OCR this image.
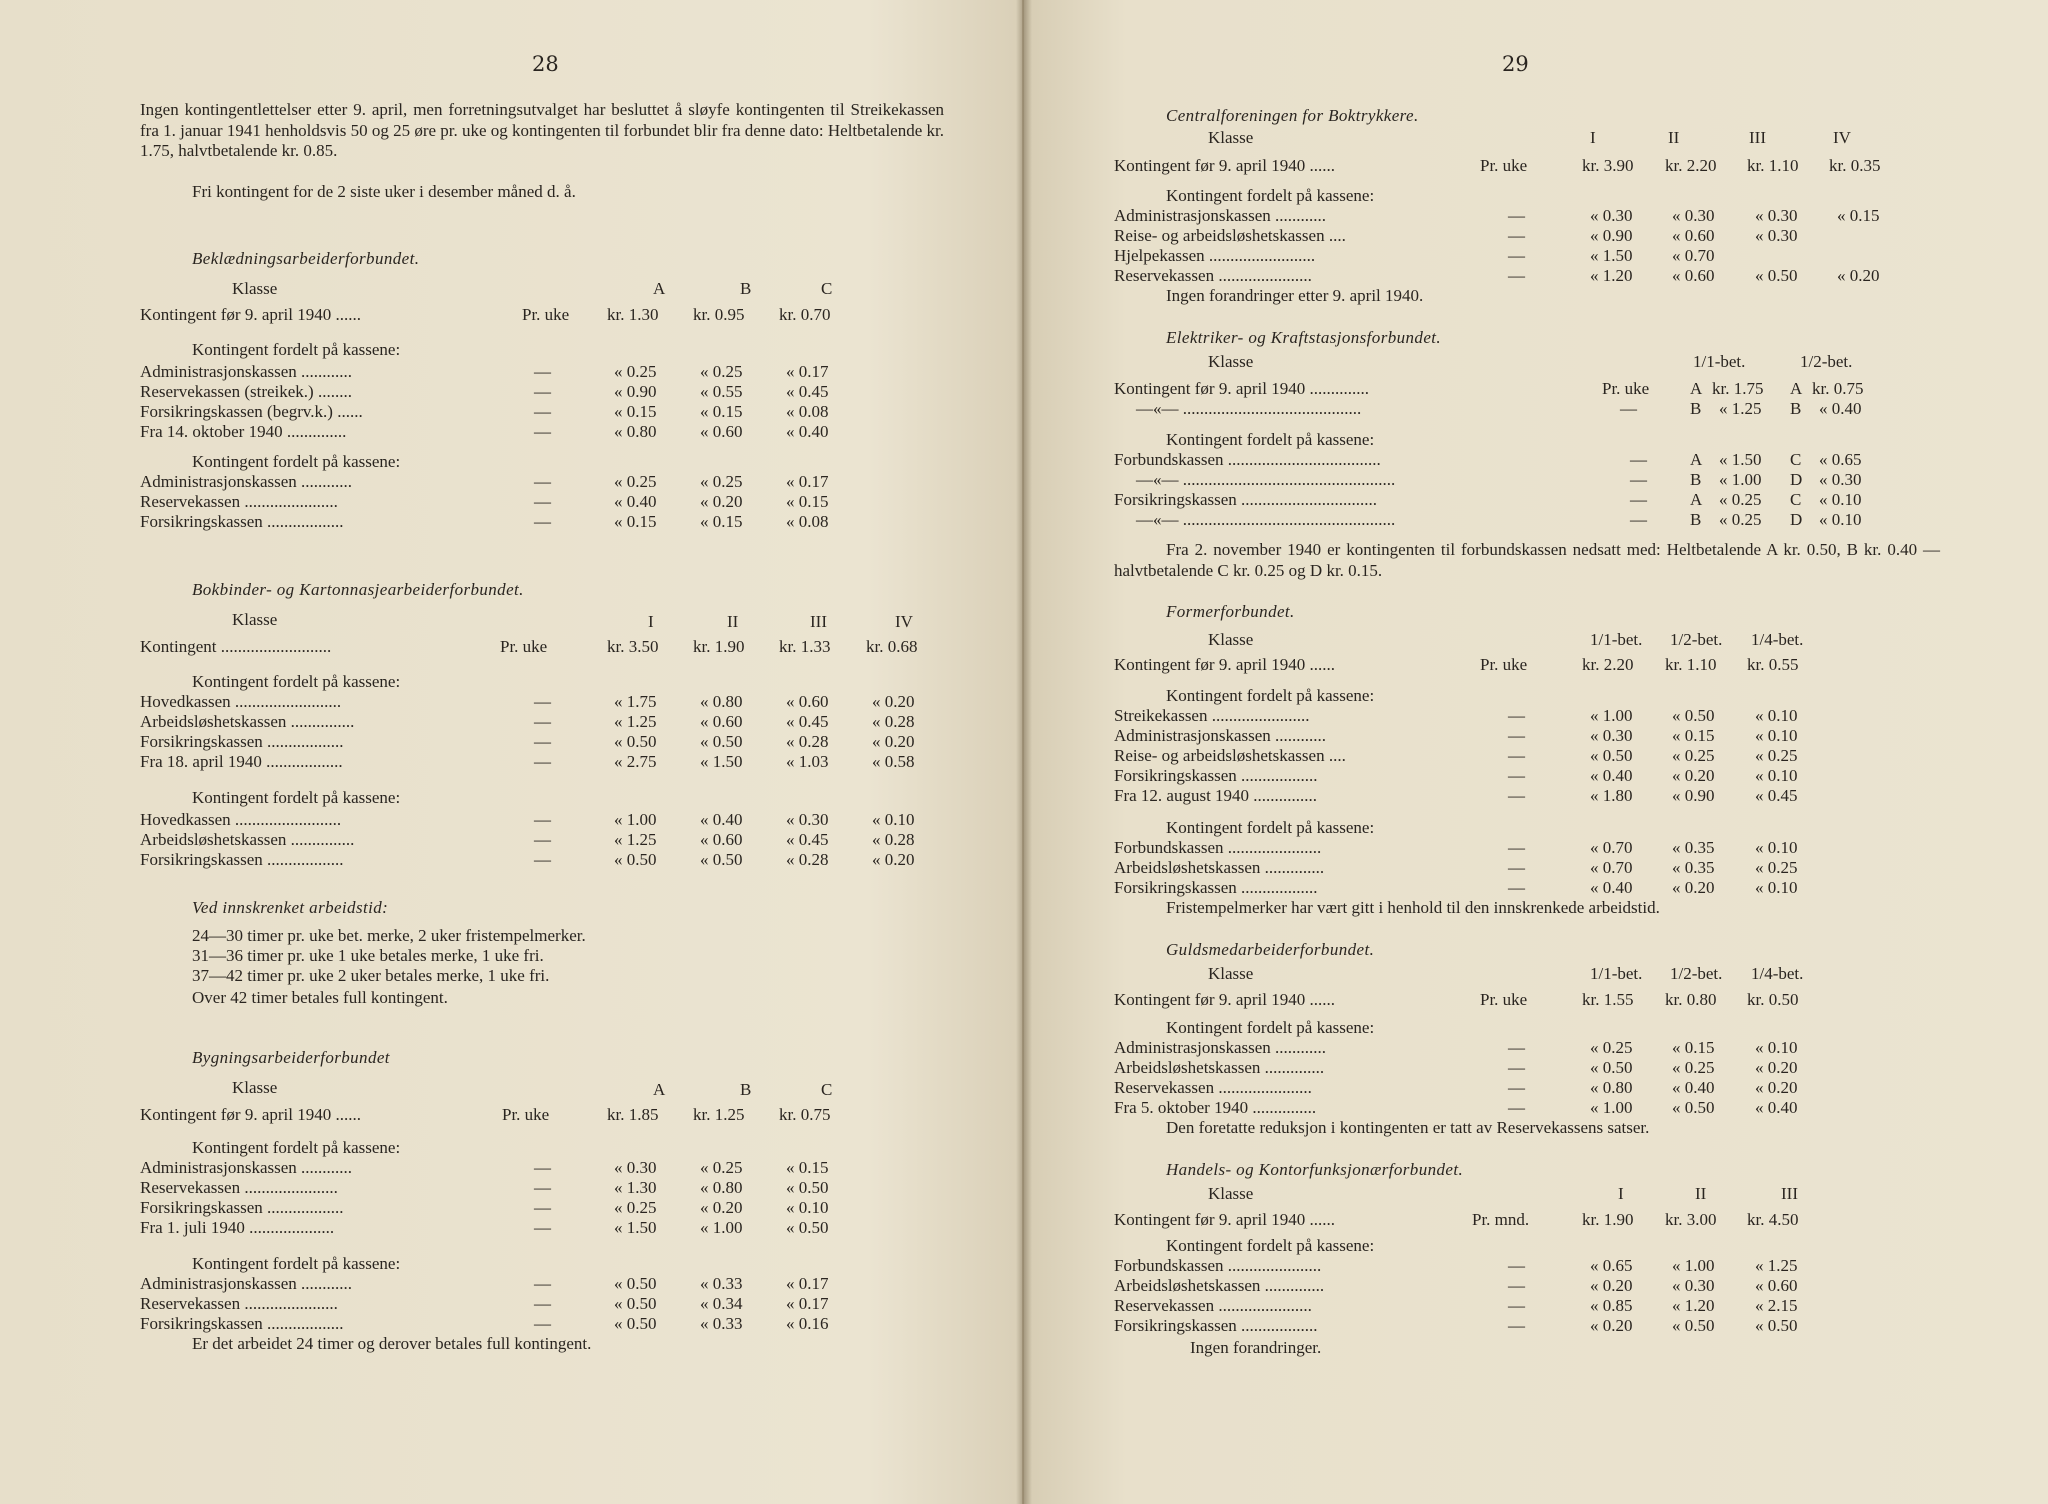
28
Ingen kontingentlettelser etter 9. april, men forretningsutvalget har besluttet å sløyfe kontingenten til Streikekassen fra 1. januar 1941 henholdsvis 50 og 25 øre pr. uke og kontingenten til forbundet blir fra denne dato: Heltbetalende kr. 1.75, halvtbetalende kr. 0.85.
Fri kontingent for de 2 siste uker i desember måned d. å.
Beklædningsarbeiderforbundet.
Klasse	A	B	C
Kontingent før 9. april 1940 ......	Pr. uke kr. 1.30 kr. 0.95 kr. 0.70
Kontingent fordelt på kassene:
Administrasjonskassen ............	—	« 0.25	« 0.25	« 0.17
Reservekassen (streikek.) ........	—	« 0.90	« 0.55	« 0.45
Forsikringskassen (begrv.k.) ......	—	« 0.15	« 0.15	« 0.08
Fra 14. oktober 1940 ..............	—	« 0.80	« 0.60	« 0.40
Kontingent fordelt på kassene:
Administrasjonskassen ............	—	« 0.25	« 0.25	« 0.17
Reservekassen ......................	—	« 0.40	« 0.20	« 0.15
Forsikringskassen ..................	—	« 0.15	« 0.15	« 0.08
Bokbinder- og Kartonnasjearbeiderforbundet.
Klasse	I	II	III	IV
Kontingent ..........................	Pr. uke	kr. 3.50 kr. 1.90 kr. 1.33 kr. 0.68
Kontingent fordelt på kassene:
Hovedkassen .........................	—	« 1.75	« 0.80	« 0.60	« 0.20
Arbeidsløshetskassen ...............	—	« 1.25	« 0.60	« 0.45	« 0.28
Forsikringskassen ..................	—	« 0.50	« 0.50	« 0.28	« 0.20
Fra 18. april 1940 ..................	—	« 2.75	« 1.50	« 1.03	« 0.58
Kontingent fordelt på kassene:
Hovedkassen .........................	—	« 1.00	« 0.40	« 0.30	« 0.10
Arbeidsløshetskassen ...............	—	« 1.25	« 0.60	« 0.45	« 0.28
Forsikringskassen ..................	—	« 0.50	« 0.50	« 0.28	« 0.20
Ved innskrenket arbeidstid:
24—30 timer pr. uke bet. merke, 2 uker fristempelmerker.
31—36 timer pr. uke 1 uke betales merke, 1 uke fri.
37—42 timer pr. uke 2 uker betales merke, 1 uke fri.
Over 42 timer betales full kontingent.
Bygningsarbeiderforbundet
Klasse	A	B	C
Kontingent før 9. april 1940 ......	Pr. uke	kr. 1.85 kr. 1.25 kr. 0.75
Kontingent fordelt på kassene:
Administrasjonskassen ............	—	« 0.30	« 0.25	« 0.15
Reservekassen ......................	—	« 1.30	« 0.80	« 0.50
Forsikringskassen ..................	—	« 0.25	« 0.20	« 0.10
Fra 1. juli 1940 ....................	—	« 1.50	« 1.00	« 0.50
Kontingent fordelt på kassene:
Administrasjonskassen ............	—	« 0.50	« 0.33	« 0.17
Reservekassen ......................	—	« 0.50	« 0.34	« 0.17
Forsikringskassen ..................	—	« 0.50	« 0.33	« 0.16
Er det arbeidet 24 timer og derover betales full kontingent.
29
Centralforeningen for Boktrykkere.
Klasse	I	II	III	IV
Kontingent før 9. april 1940 ......	Pr. uke	kr. 3.90 kr. 2.20 kr. 1.10 kr. 0.35
Kontingent fordelt på kassene:
Administrasjonskassen ............	—	« 0.30 « 0.30 « 0.30 « 0.15
Reise- og arbeidsløshetskassen ....	—	« 0.90 « 0.60 « 0.30
Hjelpekassen .........................	—	« 1.50 « 0.70
Reservekassen ......................	—	« 1.20 « 0.60 « 0.50 « 0.20
Ingen forandringer etter 9. april 1940.
Elektriker- og Kraftstasjonsforbundet.
Klasse	1/1-bet.	1/2-bet.
Kontingent før 9. april 1940 ..............	Pr. uke A kr. 1.75 A kr. 0.75
—«— ..........................................	—	B « 1.25 B « 0.40
Kontingent fordelt på kassene:
Forbundskassen ....................................	—	A « 1.50 C « 0.65
—«— ..................................................	—	B « 1.00 D « 0.30
Forsikringskassen ................................	—	A « 0.25 C « 0.10
—«— ..................................................	—	B « 0.25 D « 0.10
Fra 2. november 1940 er kontingenten til forbundskassen nedsatt med: Heltbetalende A kr. 0.50, B kr. 0.40 — halvtbetalende C kr. 0.25 og D kr. 0.15.
Formerforbundet.
Klasse	1/1-bet. 1/2-bet. 1/4-bet.
Kontingent før 9. april 1940 ......	Pr. uke	kr. 2.20 kr. 1.10 kr. 0.55
Kontingent fordelt på kassene:
Streikekassen .......................	—	« 1.00 « 0.50 « 0.10
Administrasjonskassen ............	—	« 0.30 « 0.15 « 0.10
Reise- og arbeidsløshetskassen ....	—	« 0.50 « 0.25 « 0.25
Forsikringskassen ..................	—	« 0.40 « 0.20 « 0.10
Fra 12. august 1940 ...............	—	« 1.80 « 0.90 « 0.45
Kontingent fordelt på kassene:
Forbundskassen ......................	—	« 0.70 « 0.35 « 0.10
Arbeidsløshetskassen ..............	—	« 0.70 « 0.35 « 0.25
Forsikringskassen ..................	—	« 0.40 « 0.20 « 0.10
Fristempelmerker har vært gitt i henhold til den innskrenkede arbeidstid.
Guldsmedarbeiderforbundet.
Klasse	1/1-bet. 1/2-bet. 1/4-bet.
Kontingent før 9. april 1940 ......	Pr. uke	kr. 1.55 kr. 0.80 kr. 0.50
Kontingent fordelt på kassene:
Administrasjonskassen ............	—	« 0.25 « 0.15 « 0.10
Arbeidsløshetskassen ..............	—	« 0.50 « 0.25 « 0.20
Reservekassen ......................	—	« 0.80 « 0.40 « 0.20
Fra 5. oktober 1940 ...............	—	« 1.00 « 0.50 « 0.40
Den foretatte reduksjon i kontingenten er tatt av Reservekassens satser.
Handels- og Kontorfunksjonærforbundet.
Klasse	I	II	III
Kontingent før 9. april 1940 ......	Pr. mnd.	kr. 1.90 kr. 3.00 kr. 4.50
Kontingent fordelt på kassene:
Forbundskassen ......................	—	« 0.65 « 1.00 « 1.25
Arbeidsløshetskassen ..............	—	« 0.20 « 0.30 « 0.60
Reservekassen ......................	—	« 0.85 « 1.20 « 2.15
Forsikringskassen ..................	—	« 0.20 « 0.50 « 0.50
Ingen forandringer.
